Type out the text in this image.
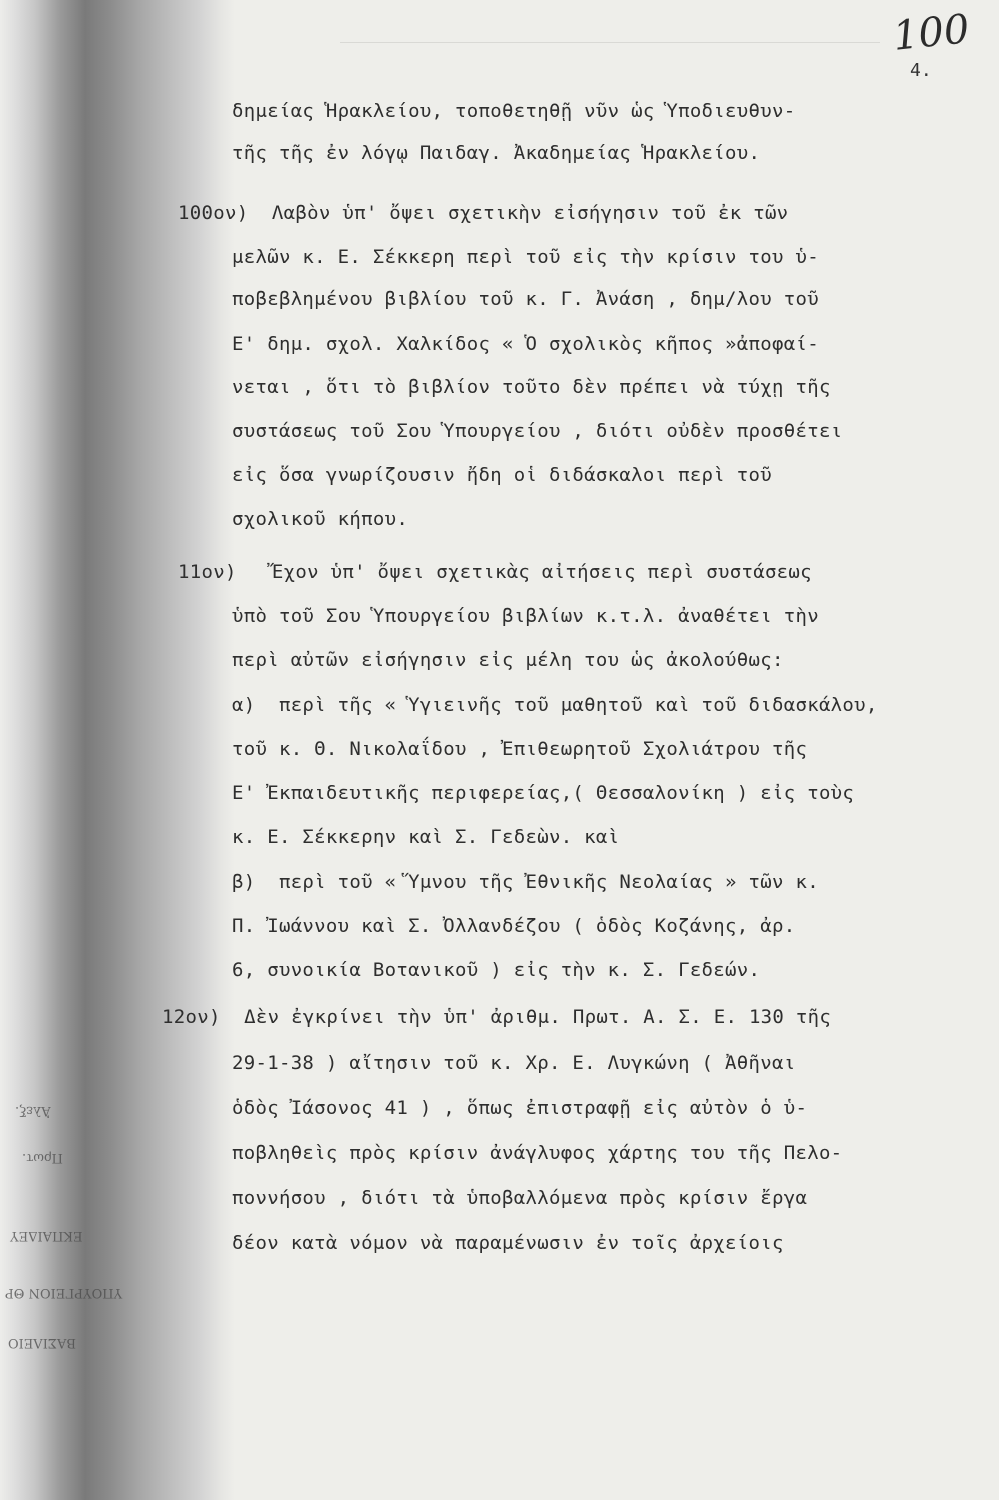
Ἀλεξ.
Πρωτ.
ΕΚΠΑΙΔΕΥ
ΥΠΟΥΡΓΕΙΟΝ ΘΡ
ΒΑΣΙΛΕΙΟ
100
4.
δημείας Ἡρακλείου, τοποθετηθῇ νῦν ὡς Ὑποδιευθυν-
τῆς τῆς ἐν λόγῳ Παιδαγ. Ἀκαδημείας Ἡρακλείου.
100ον)  Λαβὸν ὑπ' ὄψει σχετικὴν εἰσήγησιν τοῦ ἐκ τῶν
μελῶν κ. Ε. Σέκκερη περὶ τοῦ εἰς τὴν κρίσιν του ὑ-
ποβεβλημένου βιβλίου τοῦ κ. Γ. Ἀνάση , δημ/λου τοῦ
Ε' δημ. σχολ. Χαλκίδος « Ὁ σχολικὸς κῆπος »ἀποφαί-
νεται , ὅτι τὸ βιβλίον τοῦτο δὲν πρέπει νὰ τύχῃ τῆς
συστάσεως τοῦ Σου Ὑπουργείου , διότι οὐδὲν προσθέτει
εἰς ὅσα γνωρίζουσιν ἤδη οἱ διδάσκαλοι περὶ τοῦ
σχολικοῦ κήπου.
11ον)   Ἔχον ὑπ' ὄψει σχετικὰς αἰτήσεις περὶ συστάσεως
ὑπὸ τοῦ Σου Ὑπουργείου βιβλίων κ.τ.λ. ἀναθέτει τὴν
περὶ αὐτῶν εἰσήγησιν εἰς μέλη του ὡς ἀκολούθως:
α)  περὶ τῆς « Ὑγιεινῆς τοῦ μαθητοῦ καὶ τοῦ διδασκάλου,
τοῦ κ. Θ. Νικολαΐδου , Ἐπιθεωρητοῦ Σχολιάτρου τῆς
Ε' Ἐκπαιδευτικῆς περιφερείας,( Θεσσαλονίκη ) εἰς τοὺς
κ. Ε. Σέκκερην καὶ Σ. Γεδεὼν. καὶ
β)  περὶ τοῦ « Ὕμνου τῆς Ἐθνικῆς Νεολαίας » τῶν κ.
Π. Ἰωάννου καὶ Σ. Ὀλλανδέζου ( ὁδὸς Κοζάνης, ἀρ.
6, συνοικία Βοτανικοῦ ) εἰς τὴν κ. Σ. Γεδεών.
12ον)  Δὲν ἐγκρίνει τὴν ὑπ' ἀριθμ. Πρωτ. Α. Σ. Ε. 130 τῆς
29-1-38 ) αἴτησιν τοῦ κ. Χρ. Ε. Λυγκώνη ( Ἀθῆναι
ὁδὸς Ἰάσονος 41 ) , ὅπως ἐπιστραφῇ εἰς αὐτὸν ὁ ὑ-
ποβληθεὶς πρὸς κρίσιν ἀνάγλυφος χάρτης του τῆς Πελο-
ποννήσου , διότι τὰ ὑποβαλλόμενα πρὸς κρίσιν ἔργα
δέον κατὰ νόμον νὰ παραμένωσιν ἐν τοῖς ἀρχείοις
